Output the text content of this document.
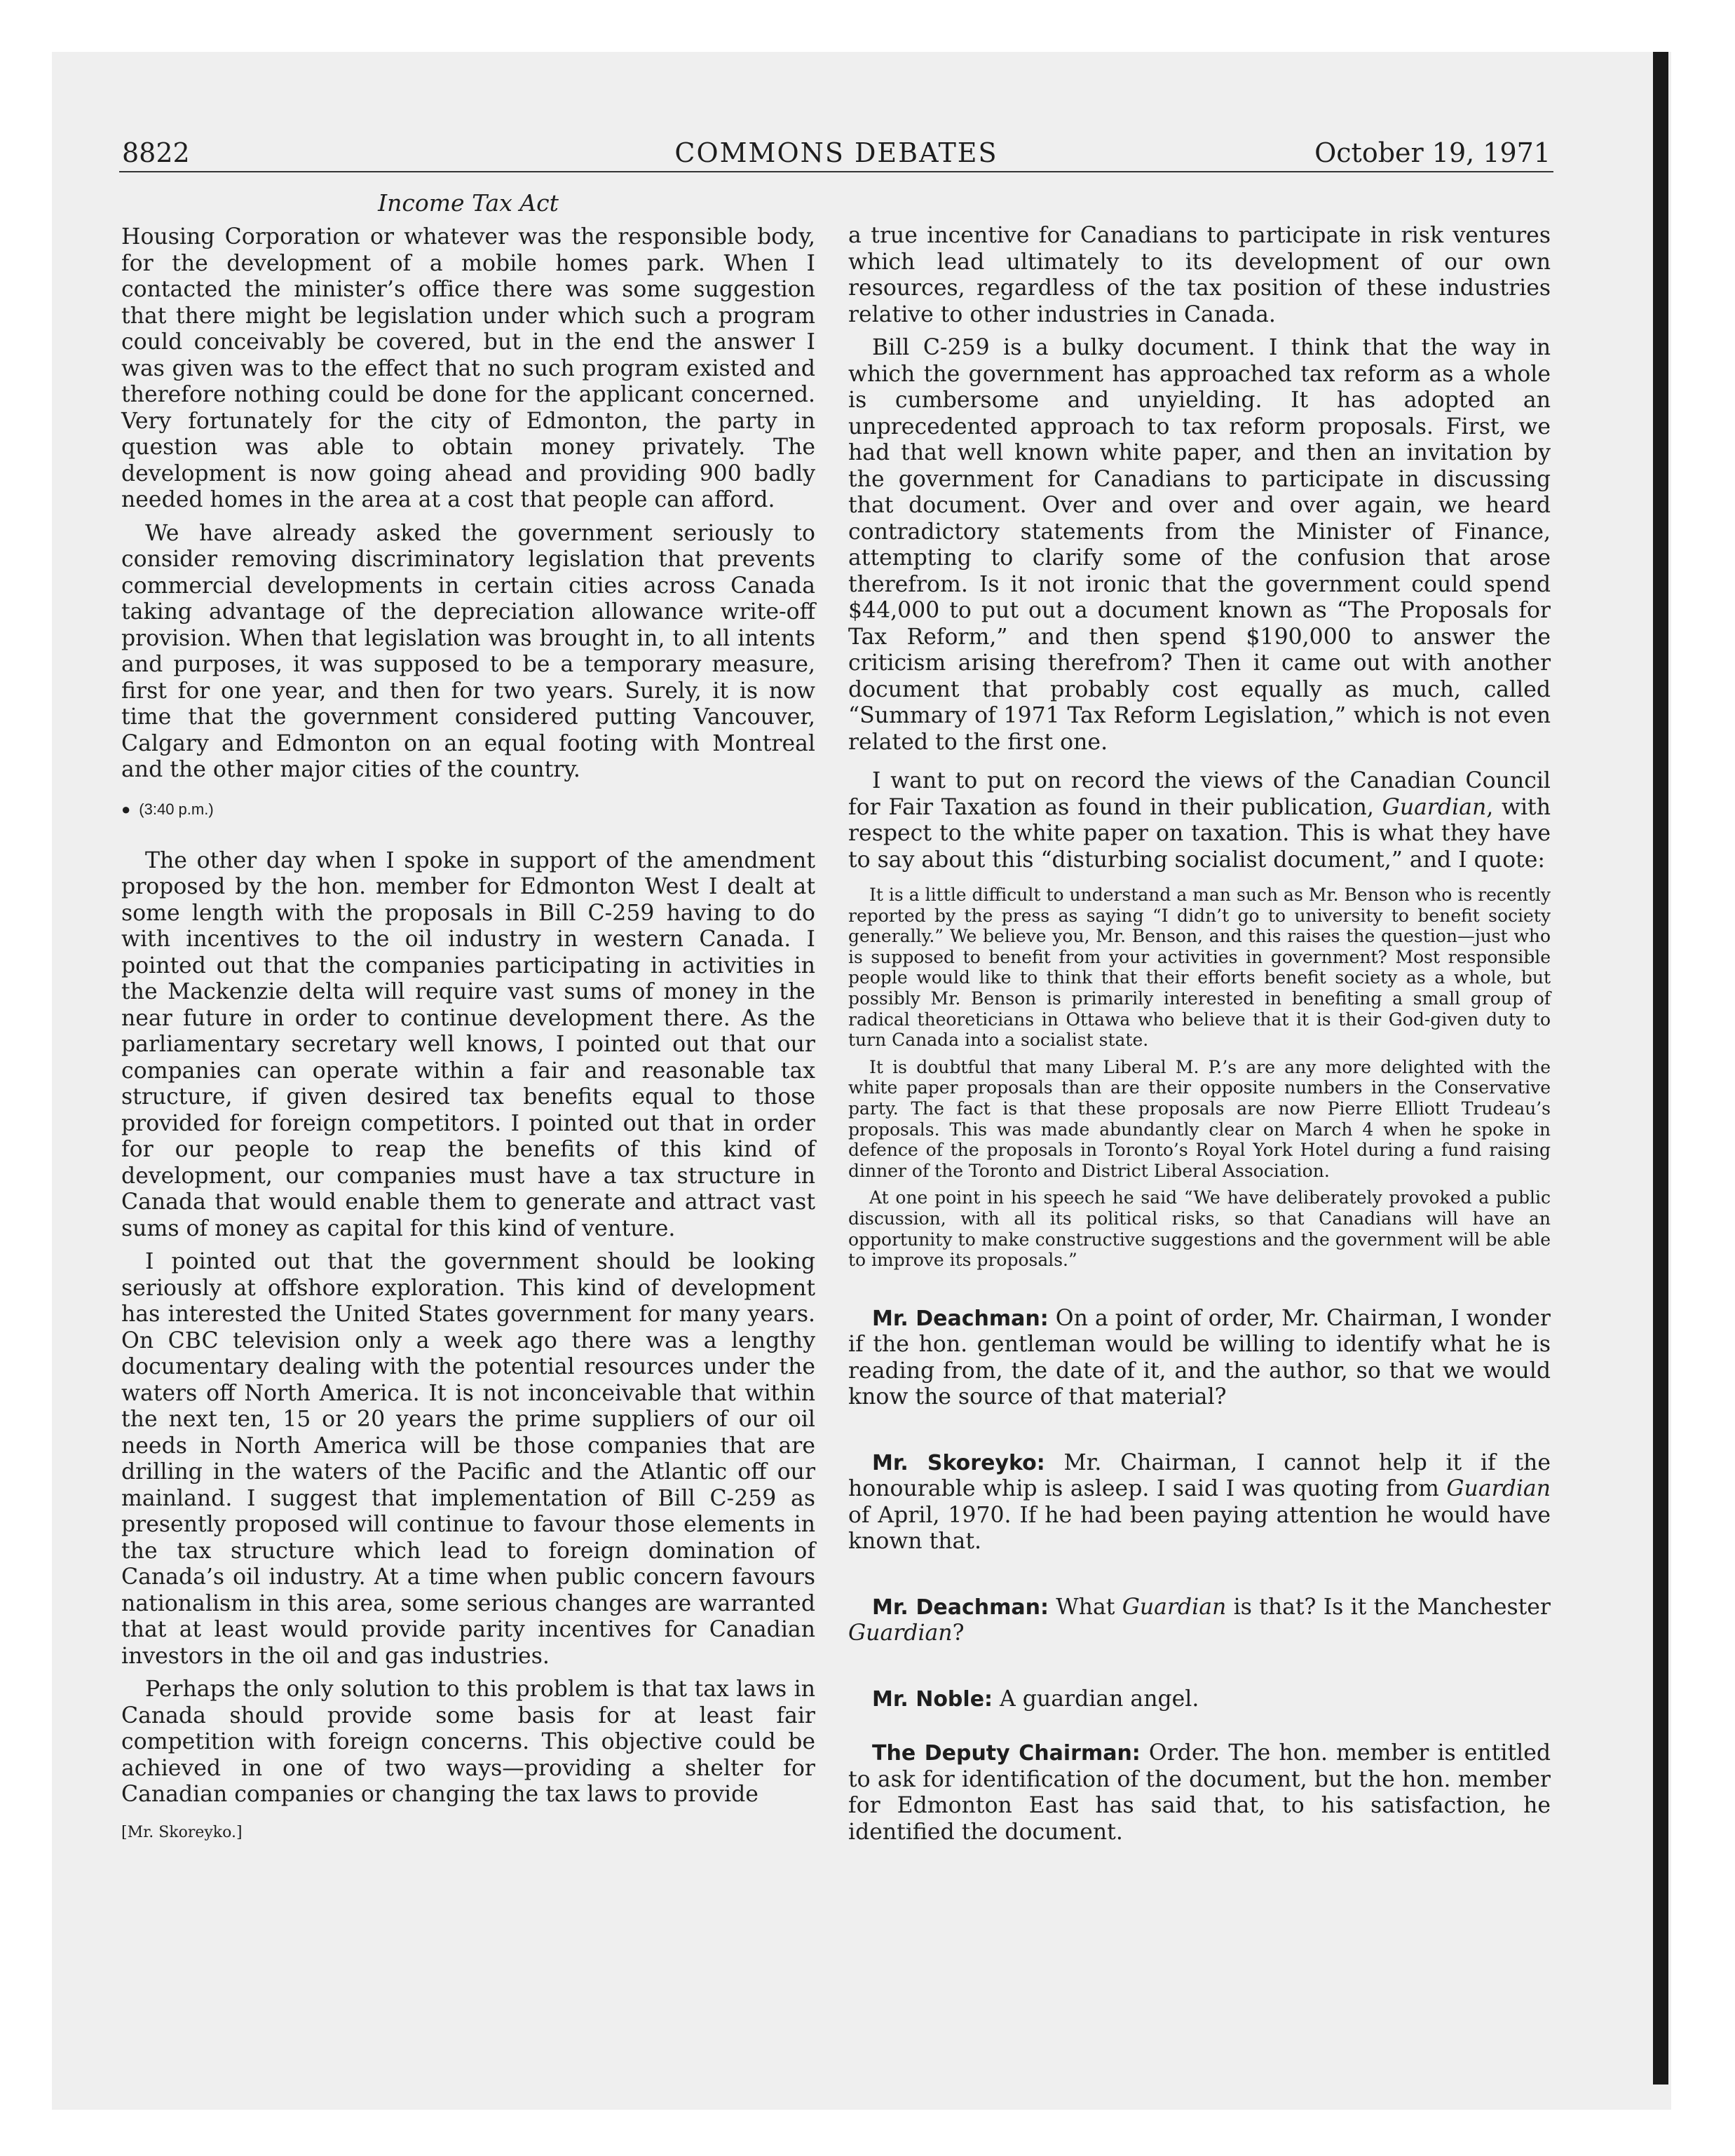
8822	COMMONS DEBATES	October 19, 1971
Income Tax Act

Housing Corporation or whatever was the responsible body, for the development of a mobile homes park. When I contacted the minister’s office there was some suggestion that there might be legislation under which such a program could conceivably be covered, but in the end the answer I was given was to the effect that no such program existed and therefore nothing could be done for the applicant concerned. Very fortunately for the city of Edmonton, the party in question was able to obtain money privately. The development is now going ahead and providing 900 badly needed homes in the area at a cost that people can afford.

We have already asked the government seriously to consider removing discriminatory legislation that prevents commercial developments in certain cities across Canada taking advantage of the depreciation allowance write-off provision. When that legislation was brought in, to all intents and purposes, it was supposed to be a temporary measure, first for one year, and then for two years. Surely, it is now time that the government considered putting Vancouver, Calgary and Edmonton on an equal footing with Montreal and the other major cities of the country.

● (3:40 p.m.)

The other day when I spoke in support of the amendment proposed by the hon. member for Edmonton West I dealt at some length with the proposals in Bill C-259 having to do with incentives to the oil industry in western Canada. I pointed out that the companies participating in activities in the Mackenzie delta will require vast sums of money in the near future in order to continue development there. As the parliamentary secretary well knows, I pointed out that our companies can operate within a fair and reasonable tax structure, if given desired tax benefits equal to those provided for foreign competitors. I pointed out that in order for our people to reap the benefits of this kind of development, our companies must have a tax structure in Canada that would enable them to generate and attract vast sums of money as capital for this kind of venture.

I pointed out that the government should be looking seriously at offshore exploration. This kind of development has interested the United States government for many years. On CBC television only a week ago there was a lengthy documentary dealing with the potential resources under the waters off North America. It is not inconceivable that within the next ten, 15 or 20 years the prime suppliers of our oil needs in North America will be those companies that are drilling in the waters of the Pacific and the Atlantic off our mainland. I suggest that implementation of Bill C-259 as presently proposed will continue to favour those elements in the tax structure which lead to foreign domination of Canada’s oil industry. At a time when public concern favours nationalism in this area, some serious changes are warranted that at least would provide parity incentives for Canadian investors in the oil and gas industries.

Perhaps the only solution to this problem is that tax laws in Canada should provide some basis for at least fair competition with foreign concerns. This objective could be achieved in one of two ways—providing a shelter for Canadian companies or changing the tax laws to provide

[Mr. Skoreyko.]

a true incentive for Canadians to participate in risk ventures which lead ultimately to its development of our own resources, regardless of the tax position of these industries relative to other industries in Canada.

Bill C-259 is a bulky document. I think that the way in which the government has approached tax reform as a whole is cumbersome and unyielding. It has adopted an unprecedented approach to tax reform proposals. First, we had that well known white paper, and then an invitation by the government for Canadians to participate in discussing that document. Over and over and over again, we heard contradictory statements from the Minister of Finance, attempting to clarify some of the confusion that arose therefrom. Is it not ironic that the government could spend $44,000 to put out a document known as “The Proposals for Tax Reform,” and then spend $190,000 to answer the criticism arising therefrom? Then it came out with another document that probably cost equally as much, called “Summary of 1971 Tax Reform Legislation,” which is not even related to the first one.

I want to put on record the views of the Canadian Council for Fair Taxation as found in their publication, Guardian, with respect to the white paper on taxation. This is what they have to say about this “disturbing socialist document,” and I quote:

It is a little difficult to understand a man such as Mr. Benson who is recently reported by the press as saying “I didn’t go to university to benefit society generally.” We believe you, Mr. Benson, and this raises the question—just who is supposed to benefit from your activities in government? Most responsible people would like to think that their efforts benefit society as a whole, but possibly Mr. Benson is primarily interested in benefiting a small group of radical theoreticians in Ottawa who believe that it is their God-given duty to turn Canada into a socialist state.
It is doubtful that many Liberal M. P.’s are any more delighted with the white paper proposals than are their opposite numbers in the Conservative party. The fact is that these proposals are now Pierre Elliott Trudeau’s proposals. This was made abundantly clear on March 4 when he spoke in defence of the proposals in Toronto’s Royal York Hotel during a fund raising dinner of the Toronto and District Liberal Association.
At one point in his speech he said “We have deliberately provoked a public discussion, with all its political risks, so that Canadians will have an opportunity to make constructive suggestions and the government will be able to improve its proposals.”

Mr. Deachman: On a point of order, Mr. Chairman, I wonder if the hon. gentleman would be willing to identify what he is reading from, the date of it, and the author, so that we would know the source of that material?

Mr. Skoreyko: Mr. Chairman, I cannot help it if the honourable whip is asleep. I said I was quoting from Guardian of April, 1970. If he had been paying attention he would have known that.

Mr. Deachman: What Guardian is that? Is it the Manchester Guardian?

Mr. Noble: A guardian angel.

The Deputy Chairman: Order. The hon. member is entitled to ask for identification of the document, but the hon. member for Edmonton East has said that, to his satisfaction, he identified the document.
